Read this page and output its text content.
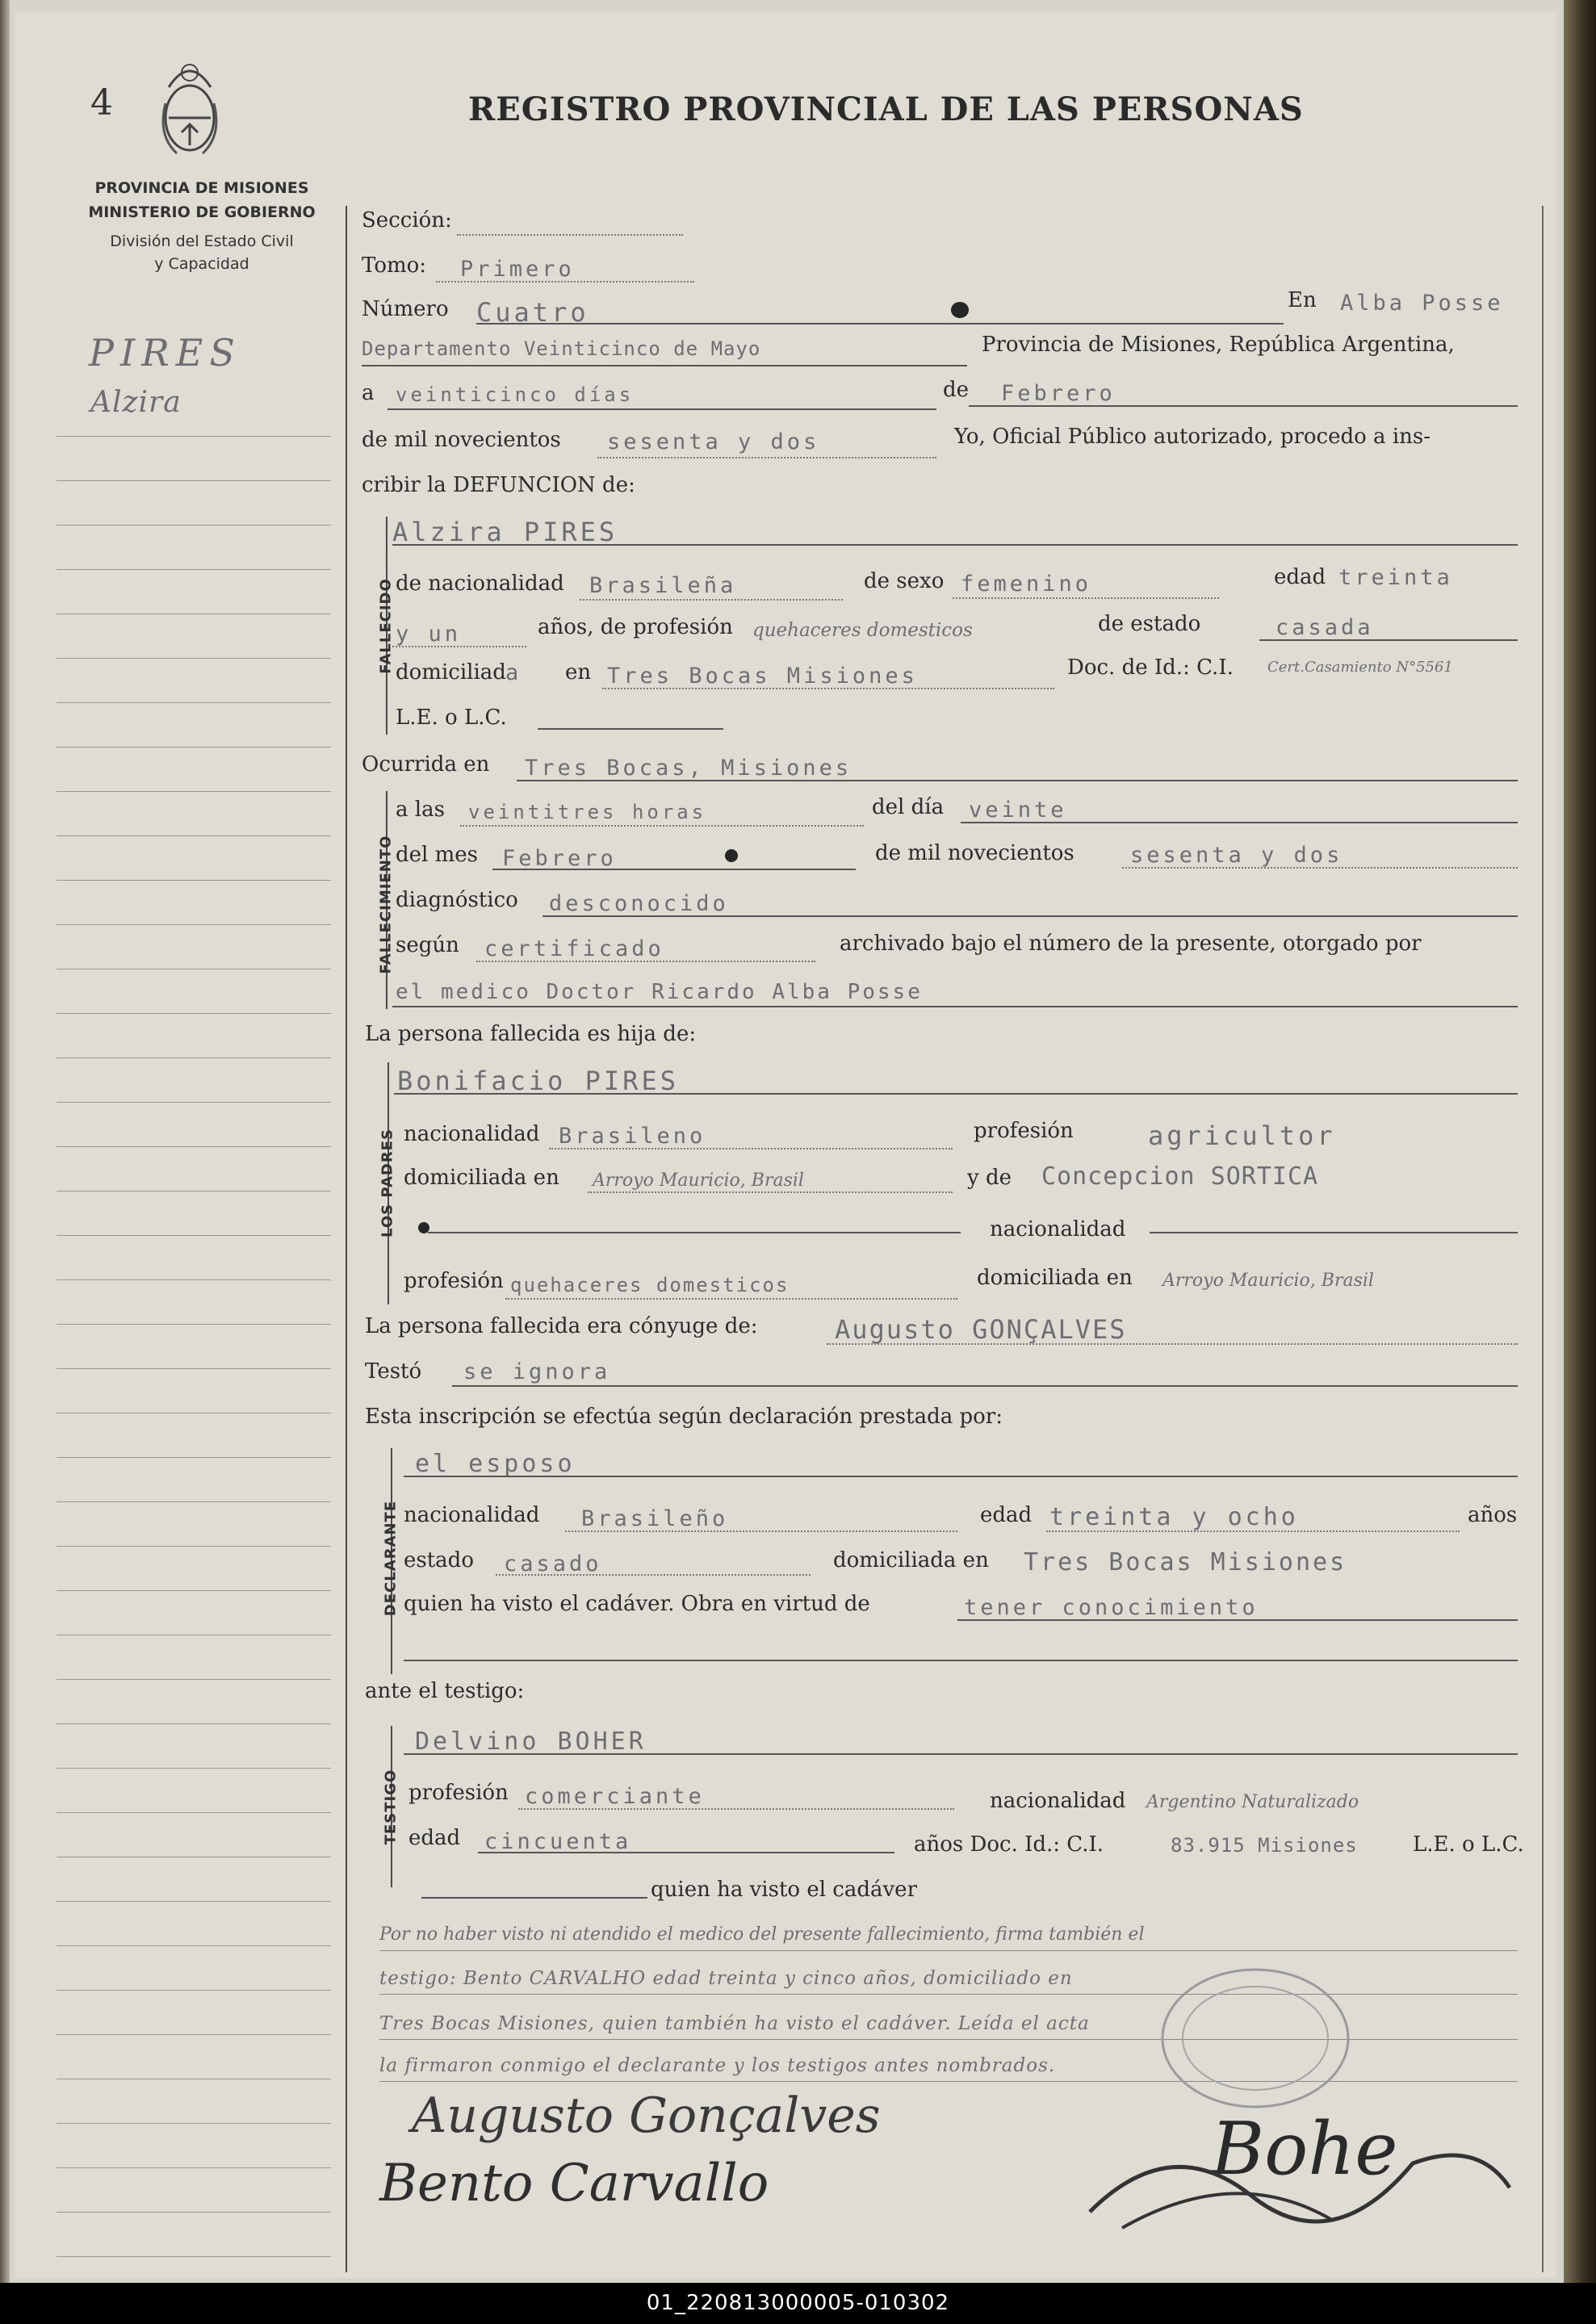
4
PROVINCIA DE MISIONES
MINISTERIO DE GOBIERNO
División del Estado Civil
y Capacidad
PIRES
Alzira
REGISTRO PROVINCIAL DE LAS PERSONAS
Sección:
Tomo: Primero
Número Cuatro	En Alba Posse
Departamento Veinticinco de Mayo	Provincia de Misiones, República Argentina,
a veinticinco días	de Febrero
de mil novecientos sesenta y dos	Yo, Oficial Público autorizado, procedo a ins-
cribir la DEFUNCION de:
FALLECIDO
Alzira PIRES
de nacionalidad Brasileña	de sexo femenino	edad treinta
y un	años, de profesión quehaceres domesticos	de estado	casada
domiciliad a en Tres Bocas Misiones	Doc. de Id.: C.I. Cert.Casamiento N°5561
L.E. o L.C.
Ocurrida en Tres Bocas, Misiones
FALLECIMIENTO
a las veintitres horas	del día veinte
del mes Febrero	de mil novecientos	sesenta y dos
diagnóstico desconocido
según certificado	archivado bajo el número de la presente, otorgado por
el medico Doctor Ricardo Alba Posse
La persona fallecida es hija de:
LOS PADRES
Bonifacio PIRES
nacionalidad Brasileno	profesión	agricultor
domiciliada en Arroyo Mauricio, Brasil	y de Concepcion SORTICA
nacionalidad
profesión quehaceres domesticos	domiciliada en Arroyo Mauricio, Brasil
La persona fallecida era cónyuge de:	Augusto GONÇALVES
Testó se ignora
Esta inscripción se efectúa según declaración prestada por:
DECLARANTE
el esposo
nacionalidad Brasileño	edad treinta y ocho	años
estado casado	domiciliada en Tres Bocas Misiones
quien ha visto el cadáver. Obra en virtud de	tener conocimiento
ante el testigo:
TESTIGO
Delvino BOHER
profesión comerciante	nacionalidad Argentino Naturalizado
edad cincuenta	años Doc. Id.: C.I.	83.915 Misiones	L.E. o L.C.
quien ha visto el cadáver
Por no haber visto ni atendido el medico del presente fallecimiento, firma también el
testigo: Bento CARVALHO edad treinta y cinco años, domiciliado en
Tres Bocas Misiones, quien también ha visto el cadáver. Leída el acta
la firmaron conmigo el declarante y los testigos antes nombrados.
Augusto Gonçalves
Bento Carvallo	Bohe
01_220813000005-010302
